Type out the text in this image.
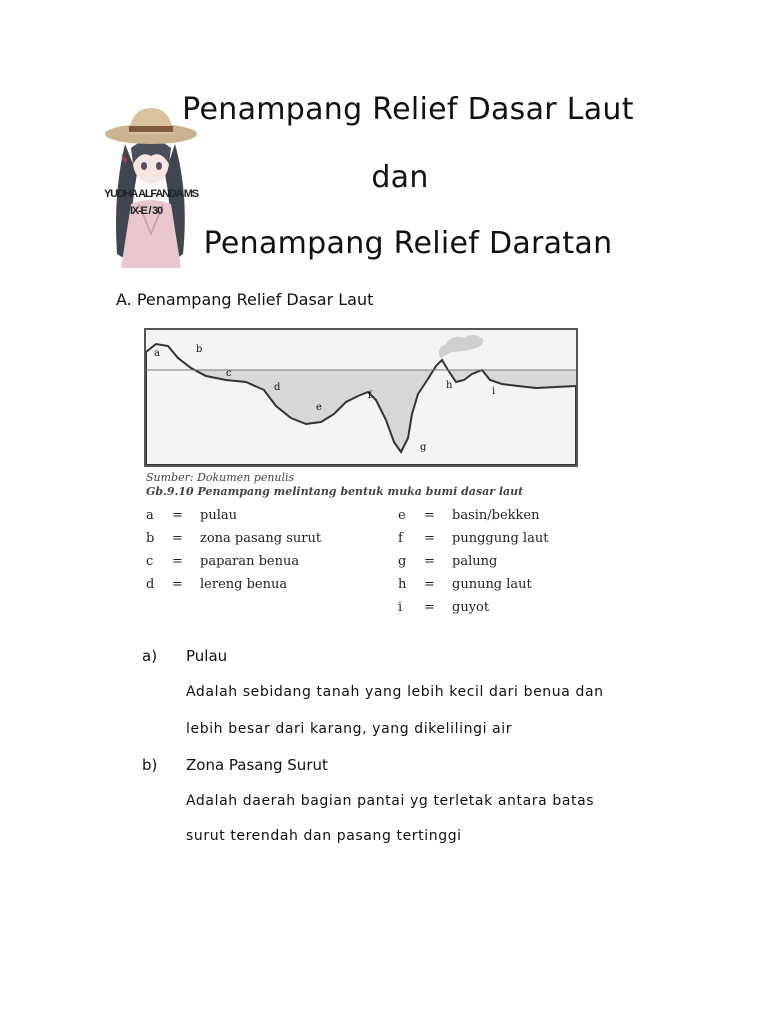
Penampang Relief Dasar Laut
dan
Penampang Relief Daratan
YUDHA ALFANDA MS
IX-E / 30
A. Penampang Relief Dasar Laut
a	b
c
d
e
f
g
h
i
Sumber: Dokumen penulis
Gb.9.10 Penampang melintang bentuk muka bumi dasar laut
a = pulau
b = zona pasang surut
c = paparan benua
d = lereng benua
e = basin/bekken
f = punggung laut
g = palung
h = gunung laut
i = guyot
a) Pulau
Adalah sebidang tanah yang lebih kecil dari benua dan
lebih besar dari karang, yang dikelilingi air
b) Zona Pasang Surut
Adalah daerah bagian pantai yg terletak antara batas
surut terendah dan pasang tertinggi
